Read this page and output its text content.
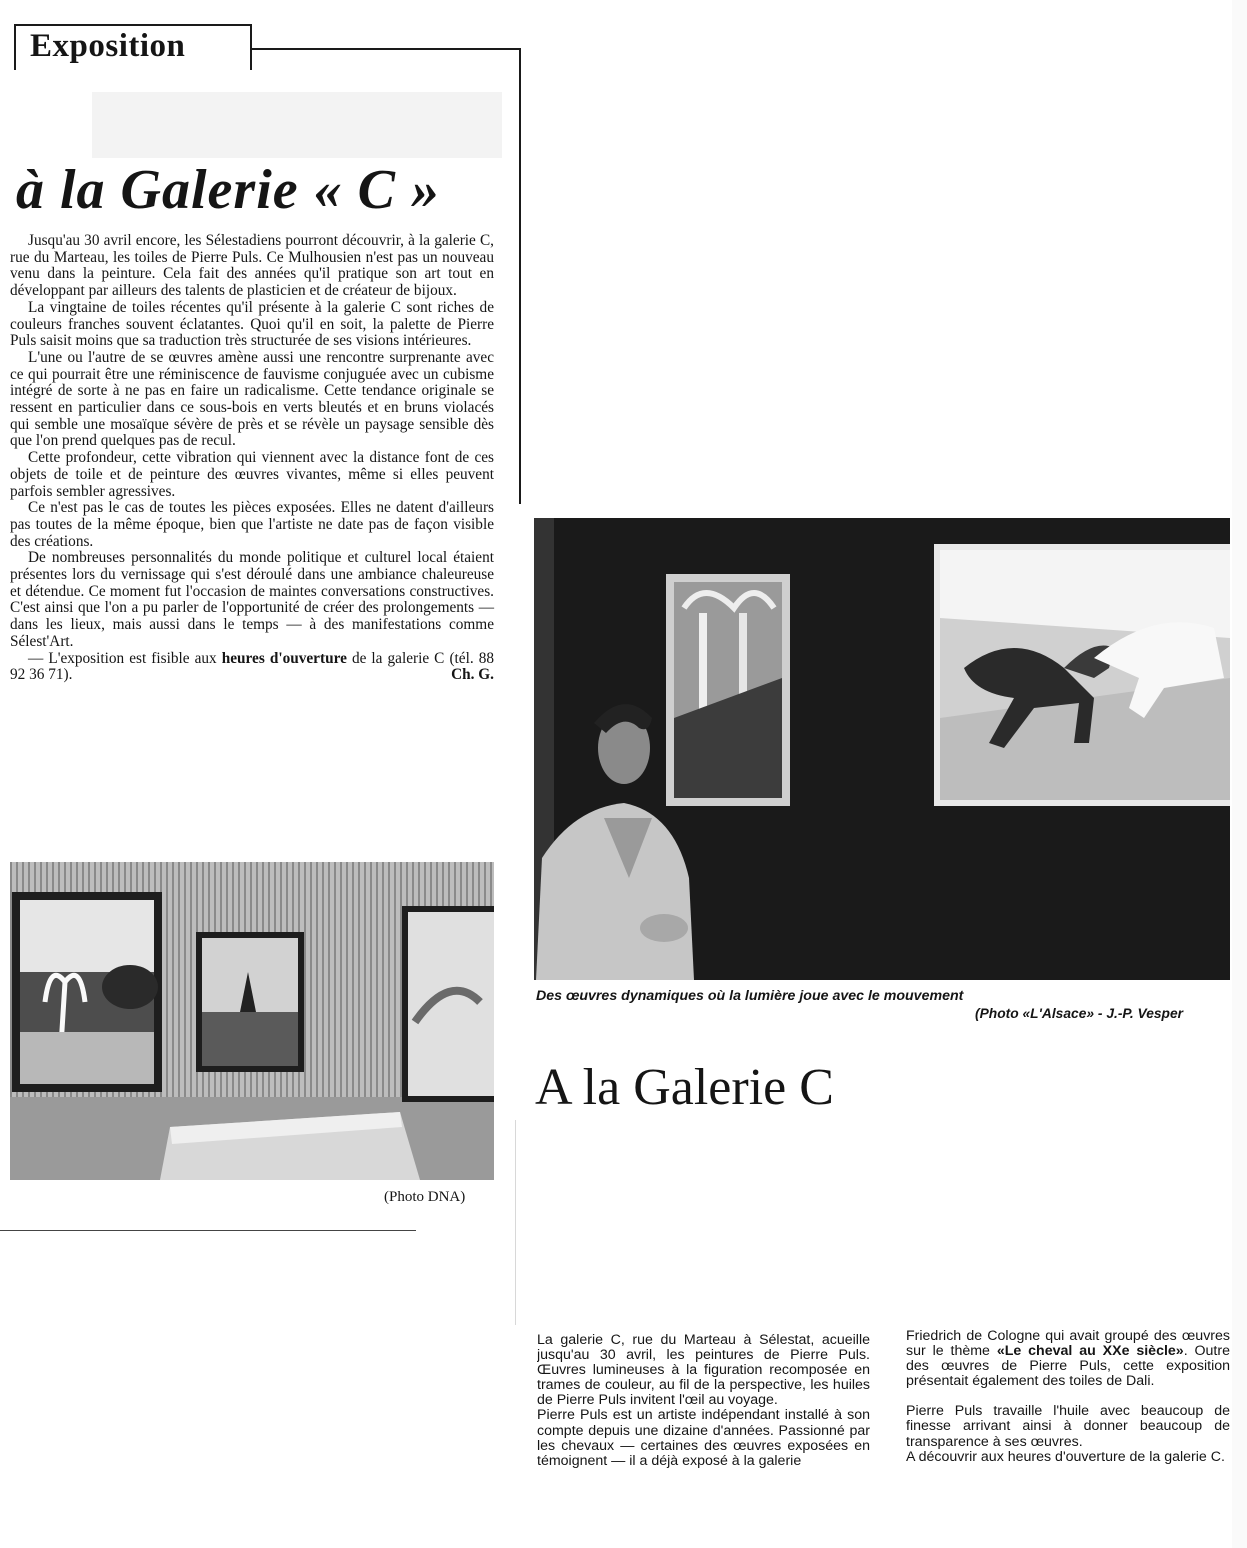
Exposition
à la Galerie « C »

Jusqu'au 30 avril encore, les Sélestadiens pourront découvrir, à la galerie C, rue du Marteau, les toiles de Pierre Puls. Ce Mulhousien n'est pas un nouveau venu dans la peinture. Cela fait des années qu'il pratique son art tout en développant par ailleurs des talents de plasticien et de créateur de bijoux.

La vingtaine de toiles récentes qu'il présente à la galerie C sont riches de couleurs franches souvent éclatantes. Quoi qu'il en soit, la palette de Pierre Puls saisit moins que sa traduction très structurée de ses visions intérieures.

L'une ou l'autre de se œuvres amène aussi une rencontre surprenante avec ce qui pourrait être une réminiscence de fauvisme conjuguée avec un cubisme intégré de sorte à ne pas en faire un radicalisme. Cette tendance originale se ressent en particulier dans ce sous-bois en verts bleutés et en bruns violacés qui semble une mosaïque sévère de près et se révèle un paysage sensible dès que l'on prend quelques pas de recul.

Cette profondeur, cette vibration qui viennent avec la distance font de ces objets de toile et de peinture des œuvres vivantes, même si elles peuvent parfois sembler agressives.

Ce n'est pas le cas de toutes les pièces exposées. Elles ne datent d'ailleurs pas toutes de la même époque, bien que l'artiste ne date pas de façon visible des créations.

De nombreuses personnalités du monde politique et culturel local étaient présentes lors du vernissage qui s'est déroulé dans une ambiance chaleureuse et détendue. Ce moment fut l'occasion de maintes conversations constructives. C'est ainsi que l'on a pu parler de l'opportunité de créer des prolongements — dans les lieux, mais aussi dans le temps — à des manifestations comme Sélest'Art.

— L'exposition est fisible aux heures d'ouverture de la galerie C (tél. 88 92 36 71).	Ch. G.

(Photo DNA)
Des œuvres dynamiques où la lumière joue avec le mouvement
(Photo «L'Alsace» - J.-P. Vesper
A la Galerie C

La galerie C, rue du Marteau à Sélestat, acueille jusqu'au 30 avril, les peintures de Pierre Puls. Œuvres lumineuses à la figuration recomposée en trames de couleur, au fil de la perspective, les huiles de Pierre Puls invitent l'œil au voyage.

Pierre Puls est un artiste indépendant installé à son compte depuis une dizaine d'années. Passionné par les chevaux — certaines des œuvres exposées en témoignent — il a déjà exposé à la galerie

Friedrich de Cologne qui avait groupé des œuvres sur le thème «Le cheval au XXe siècle». Outre des œuvres de Pierre Puls, cette exposition présentait également des toiles de Dali.

Pierre Puls travaille l'huile avec beaucoup de finesse arrivant ainsi à donner beaucoup de transparence à ses œuvres.

A découvrir aux heures d'ouverture de la galerie C.
